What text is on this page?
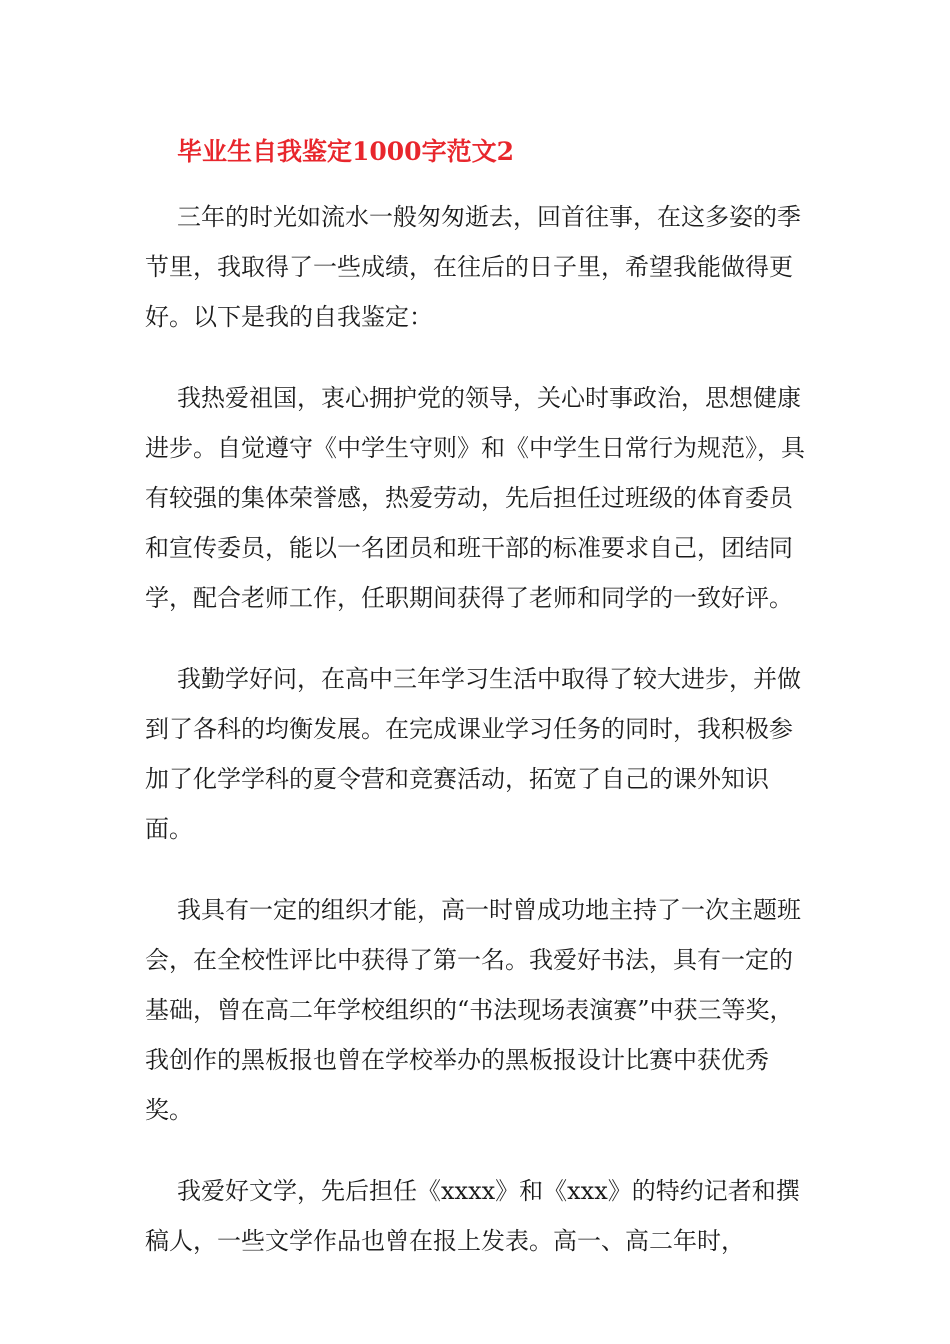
毕业生自我鉴定1000字范文2

三年的时光如流水一般匆匆逝去，回首往事，在这多姿的季节里，我取得了一些成绩，在往后的日子里，希望我能做得更好。以下是我的自我鉴定：

我热爱祖国，衷心拥护党的领导，关心时事政治，思想健康进步。自觉遵守《中学生守则》和《中学生日常行为规范》，具有较强的集体荣誉感，热爱劳动，先后担任过班级的体育委员和宣传委员，能以一名团员和班干部的标准要求自己，团结同学，配合老师工作，任职期间获得了老师和同学的一致好评。

我勤学好问，在高中三年学习生活中取得了较大进步，并做到了各科的均衡发展。在完成课业学习任务的同时，我积极参加了化学学科的夏令营和竞赛活动，拓宽了自己的课外知识面。

我具有一定的组织才能，高一时曾成功地主持了一次主题班会，在全校性评比中获得了第一名。我爱好书法，具有一定的基础，曾在高二年学校组织的“书法现场表演赛”中获三等奖，我创作的黑板报也曾在学校举办的黑板报设计比赛中获优秀奖。

我爱好文学，先后担任《xxxx》和《xxx》的特约记者和撰稿人，一些文学作品也曾在报上发表。高一、高二年时，
